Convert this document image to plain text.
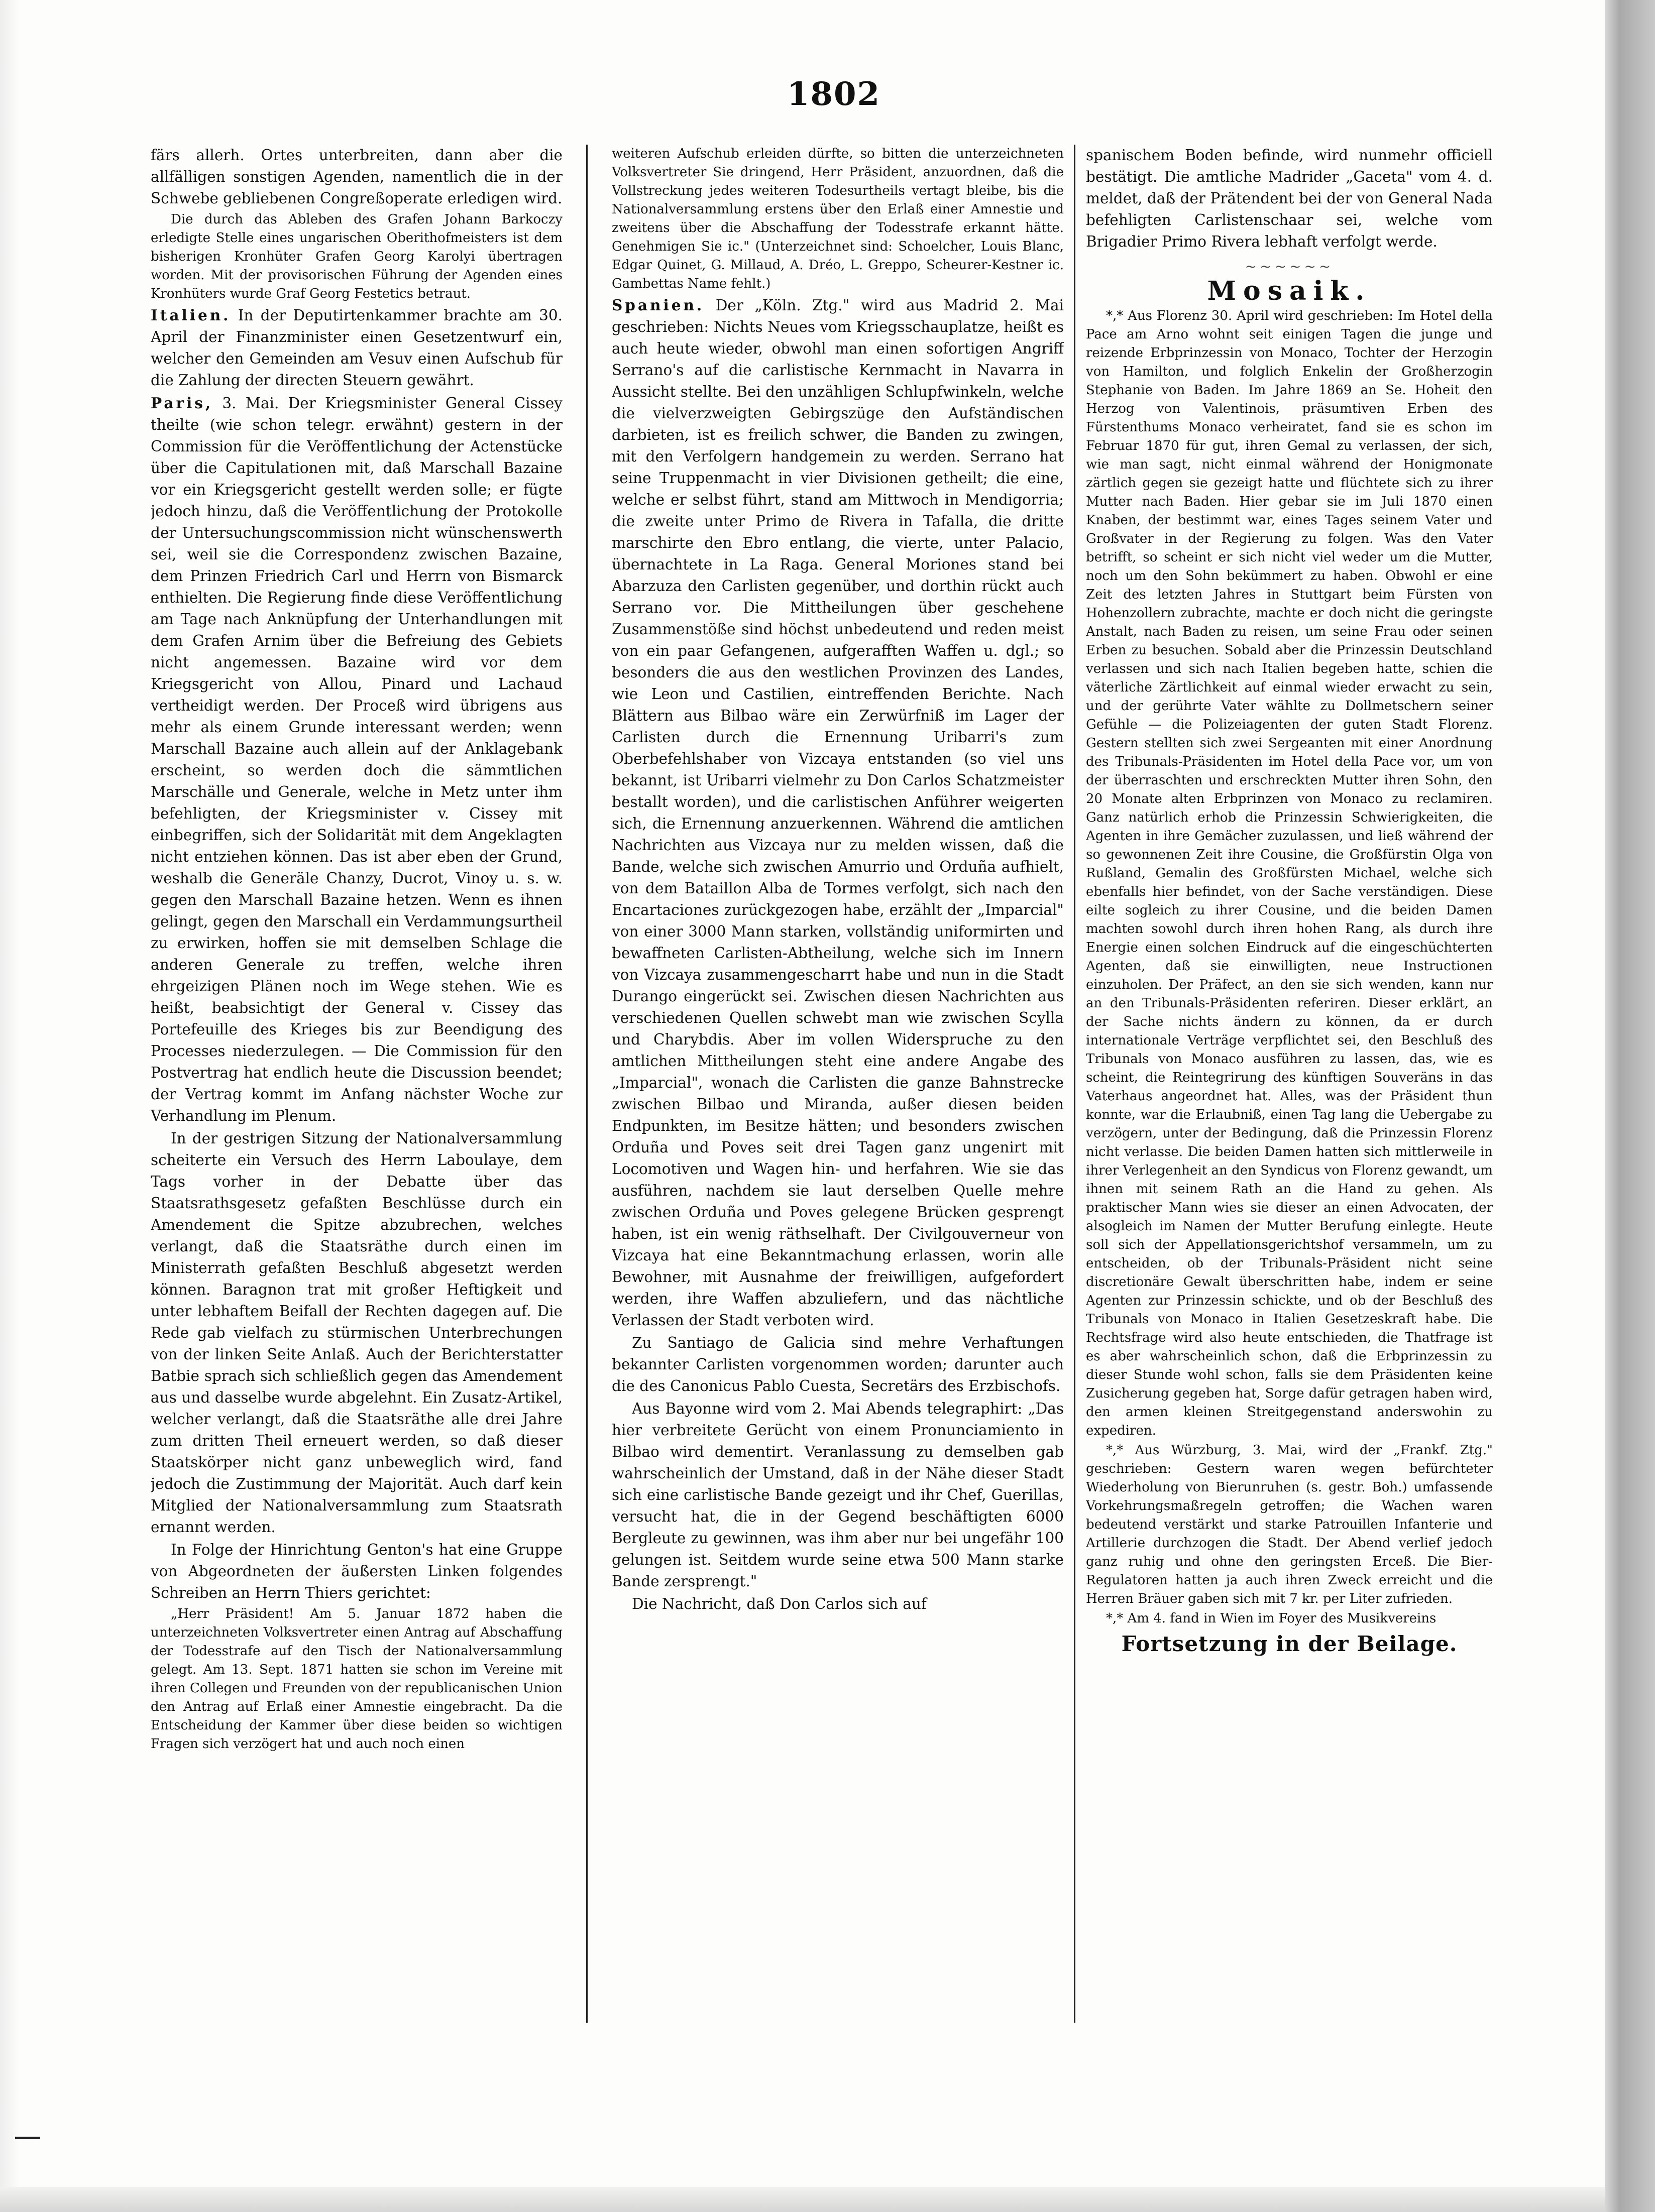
1802

färs allerh. Ortes unterbreiten, dann aber die allfälligen sonstigen Agenden, namentlich die in der Schwebe gebliebenen Congreßoperate erledigen wird.

Die durch das Ableben des Grafen Johann Barkoczy erledigte Stelle eines ungarischen Oberithofmeisters ist dem bisherigen Kronhüter Grafen Georg Karolyi übertragen worden. Mit der provisorischen Führung der Agenden eines Kronhüters wurde Graf Georg Festetics betraut.

Italien. In der Deputirtenkammer brachte am 30. April der Finanzminister einen Gesetzentwurf ein, welcher den Gemeinden am Vesuv einen Aufschub für die Zahlung der directen Steuern gewährt.

Paris, 3. Mai. Der Kriegsminister General Cissey theilte (wie schon telegr. erwähnt) gestern in der Commission für die Veröffentlichung der Actenstücke über die Capitulationen mit, daß Marschall Bazaine vor ein Kriegsgericht gestellt werden solle; er fügte jedoch hinzu, daß die Veröffentlichung der Protokolle der Untersuchungscommission nicht wünschenswerth sei, weil sie die Correspondenz zwischen Bazaine, dem Prinzen Friedrich Carl und Herrn von Bismarck enthielten. Die Regierung finde diese Veröffentlichung am Tage nach Anknüpfung der Unterhandlungen mit dem Grafen Arnim über die Befreiung des Gebiets nicht angemessen. Bazaine wird vor dem Kriegsgericht von Allou, Pinard und Lachaud vertheidigt werden. Der Proceß wird übrigens aus mehr als einem Grunde interessant werden; wenn Marschall Bazaine auch allein auf der Anklagebank erscheint, so werden doch die sämmtlichen Marschälle und Generale, welche in Metz unter ihm befehligten, der Kriegsminister v. Cissey mit einbegriffen, sich der Solidarität mit dem Angeklagten nicht entziehen können. Das ist aber eben der Grund, weshalb die Generäle Chanzy, Ducrot, Vinoy u. s. w. gegen den Marschall Bazaine hetzen. Wenn es ihnen gelingt, gegen den Marschall ein Verdammungsurtheil zu erwirken, hoffen sie mit demselben Schlage die anderen Generale zu treffen, welche ihren ehrgeizigen Plänen noch im Wege stehen. Wie es heißt, beabsichtigt der General v. Cissey das Portefeuille des Krieges bis zur Beendigung des Processes niederzulegen. — Die Commission für den Postvertrag hat endlich heute die Discussion beendet; der Vertrag kommt im Anfang nächster Woche zur Verhandlung im Plenum.

In der gestrigen Sitzung der Nationalversammlung scheiterte ein Versuch des Herrn Laboulaye, dem Tags vorher in der Debatte über das Staatsrathsgesetz gefaßten Beschlüsse durch ein Amendement die Spitze abzubrechen, welches verlangt, daß die Staatsräthe durch einen im Ministerrath gefaßten Beschluß abgesetzt werden können. Baragnon trat mit großer Heftigkeit und unter lebhaftem Beifall der Rechten dagegen auf. Die Rede gab vielfach zu stürmischen Unterbrechungen von der linken Seite Anlaß. Auch der Berichterstatter Batbie sprach sich schließlich gegen das Amendement aus und dasselbe wurde abgelehnt. Ein Zusatz-Artikel, welcher verlangt, daß die Staatsräthe alle drei Jahre zum dritten Theil erneuert werden, so daß dieser Staatskörper nicht ganz unbeweglich wird, fand jedoch die Zustimmung der Majorität. Auch darf kein Mitglied der Nationalversammlung zum Staatsrath ernannt werden.

In Folge der Hinrichtung Genton's hat eine Gruppe von Abgeordneten der äußersten Linken folgendes Schreiben an Herrn Thiers gerichtet:

„Herr Präsident! Am 5. Januar 1872 haben die unterzeichneten Volksvertreter einen Antrag auf Abschaffung der Todesstrafe auf den Tisch der Nationalversammlung gelegt. Am 13. Sept. 1871 hatten sie schon im Vereine mit ihren Collegen und Freunden von der republicanischen Union den Antrag auf Erlaß einer Amnestie eingebracht. Da die Entscheidung der Kammer über diese beiden so wichtigen Fragen sich verzögert hat und auch noch einen

weiteren Aufschub erleiden dürfte, so bitten die unterzeichneten Volksvertreter Sie dringend, Herr Präsident, anzuordnen, daß die Vollstreckung jedes weiteren Todesurtheils vertagt bleibe, bis die Nationalversammlung erstens über den Erlaß einer Amnestie und zweitens über die Abschaffung der Todesstrafe erkannt hätte. Genehmigen Sie ic." (Unterzeichnet sind: Schoelcher, Louis Blanc, Edgar Quinet, G. Millaud, A. Dréo, L. Greppo, Scheurer-Kestner ic. Gambettas Name fehlt.)

Spanien. Der „Köln. Ztg." wird aus Madrid 2. Mai geschrieben: Nichts Neues vom Kriegsschauplatze, heißt es auch heute wieder, obwohl man einen sofortigen Angriff Serrano's auf die carlistische Kernmacht in Navarra in Aussicht stellte. Bei den unzähligen Schlupfwinkeln, welche die vielverzweigten Gebirgszüge den Aufständischen darbieten, ist es freilich schwer, die Banden zu zwingen, mit den Verfolgern handgemein zu werden. Serrano hat seine Truppenmacht in vier Divisionen getheilt; die eine, welche er selbst führt, stand am Mittwoch in Mendigorria; die zweite unter Primo de Rivera in Tafalla, die dritte marschirte den Ebro entlang, die vierte, unter Palacio, übernachtete in La Raga. General Moriones stand bei Abarzuza den Carlisten gegenüber, und dorthin rückt auch Serrano vor. Die Mittheilungen über geschehene Zusammenstöße sind höchst unbedeutend und reden meist von ein paar Gefangenen, aufgerafften Waffen u. dgl.; so besonders die aus den westlichen Provinzen des Landes, wie Leon und Castilien, eintreffenden Berichte. Nach Blättern aus Bilbao wäre ein Zerwürfniß im Lager der Carlisten durch die Ernennung Uribarri's zum Oberbefehlshaber von Vizcaya entstanden (so viel uns bekannt, ist Uribarri vielmehr zu Don Carlos Schatzmeister bestallt worden), und die carlistischen Anführer weigerten sich, die Ernennung anzuerkennen. Während die amtlichen Nachrichten aus Vizcaya nur zu melden wissen, daß die Bande, welche sich zwischen Amurrio und Orduña aufhielt, von dem Bataillon Alba de Tormes verfolgt, sich nach den Encartaciones zurückgezogen habe, erzählt der „Imparcial" von einer 3000 Mann starken, vollständig uniformirten und bewaffneten Carlisten-Abtheilung, welche sich im Innern von Vizcaya zusammengescharrt habe und nun in die Stadt Durango eingerückt sei. Zwischen diesen Nachrichten aus verschiedenen Quellen schwebt man wie zwischen Scylla und Charybdis. Aber im vollen Widerspruche zu den amtlichen Mittheilungen steht eine andere Angabe des „Imparcial", wonach die Carlisten die ganze Bahnstrecke zwischen Bilbao und Miranda, außer diesen beiden Endpunkten, im Besitze hätten; und besonders zwischen Orduña und Poves seit drei Tagen ganz ungenirt mit Locomotiven und Wagen hin- und herfahren. Wie sie das ausführen, nachdem sie laut derselben Quelle mehre zwischen Orduña und Poves gelegene Brücken gesprengt haben, ist ein wenig räthselhaft. Der Civilgouverneur von Vizcaya hat eine Bekanntmachung erlassen, worin alle Bewohner, mit Ausnahme der freiwilligen, aufgefordert werden, ihre Waffen abzuliefern, und das nächtliche Verlassen der Stadt verboten wird.

Zu Santiago de Galicia sind mehre Verhaftungen bekannter Carlisten vorgenommen worden; darunter auch die des Canonicus Pablo Cuesta, Secretärs des Erzbischofs.

Aus Bayonne wird vom 2. Mai Abends telegraphirt: „Das hier verbreitete Gerücht von einem Pronunciamiento in Bilbao wird dementirt. Veranlassung zu demselben gab wahrscheinlich der Umstand, daß in der Nähe dieser Stadt sich eine carlistische Bande gezeigt und ihr Chef, Guerillas, versucht hat, die in der Gegend beschäftigten 6000 Bergleute zu gewinnen, was ihm aber nur bei ungefähr 100 gelungen ist. Seitdem wurde seine etwa 500 Mann starke Bande zersprengt."

Die Nachricht, daß Don Carlos sich auf

spanischem Boden befinde, wird nunmehr officiell bestätigt. Die amtliche Madrider „Gaceta" vom 4. d. meldet, daß der Prätendent bei der von General Nada befehligten Carlistenschaar sei, welche vom Brigadier Primo Rivera lebhaft verfolgt werde.

~~~~~~
Mosaik.

*,* Aus Florenz 30. April wird geschrieben: Im Hotel della Pace am Arno wohnt seit einigen Tagen die junge und reizende Erbprinzessin von Monaco, Tochter der Herzogin von Hamilton, und folglich Enkelin der Großherzogin Stephanie von Baden. Im Jahre 1869 an Se. Hoheit den Herzog von Valentinois, präsumtiven Erben des Fürstenthums Monaco verheiratet, fand sie es schon im Februar 1870 für gut, ihren Gemal zu verlassen, der sich, wie man sagt, nicht einmal während der Honigmonate zärtlich gegen sie gezeigt hatte und flüchtete sich zu ihrer Mutter nach Baden. Hier gebar sie im Juli 1870 einen Knaben, der bestimmt war, eines Tages seinem Vater und Großvater in der Regierung zu folgen. Was den Vater betrifft, so scheint er sich nicht viel weder um die Mutter, noch um den Sohn bekümmert zu haben. Obwohl er eine Zeit des letzten Jahres in Stuttgart beim Fürsten von Hohenzollern zubrachte, machte er doch nicht die geringste Anstalt, nach Baden zu reisen, um seine Frau oder seinen Erben zu besuchen. Sobald aber die Prinzessin Deutschland verlassen und sich nach Italien begeben hatte, schien die väterliche Zärtlichkeit auf einmal wieder erwacht zu sein, und der gerührte Vater wählte zu Dollmetschern seiner Gefühle — die Polizeiagenten der guten Stadt Florenz. Gestern stellten sich zwei Sergeanten mit einer Anordnung des Tribunals-Präsidenten im Hotel della Pace vor, um von der überraschten und erschreckten Mutter ihren Sohn, den 20 Monate alten Erbprinzen von Monaco zu reclamiren. Ganz natürlich erhob die Prinzessin Schwierigkeiten, die Agenten in ihre Gemächer zuzulassen, und ließ während der so gewonnenen Zeit ihre Cousine, die Großfürstin Olga von Rußland, Gemalin des Großfürsten Michael, welche sich ebenfalls hier befindet, von der Sache verständigen. Diese eilte sogleich zu ihrer Cousine, und die beiden Damen machten sowohl durch ihren hohen Rang, als durch ihre Energie einen solchen Eindruck auf die eingeschüchterten Agenten, daß sie einwilligten, neue Instructionen einzuholen. Der Präfect, an den sie sich wenden, kann nur an den Tribunals-Präsidenten referiren. Dieser erklärt, an der Sache nichts ändern zu können, da er durch internationale Verträge verpflichtet sei, den Beschluß des Tribunals von Monaco ausführen zu lassen, das, wie es scheint, die Reintegrirung des künftigen Souveräns in das Vaterhaus angeordnet hat. Alles, was der Präsident thun konnte, war die Erlaubniß, einen Tag lang die Uebergabe zu verzögern, unter der Bedingung, daß die Prinzessin Florenz nicht verlasse. Die beiden Damen hatten sich mittlerweile in ihrer Verlegenheit an den Syndicus von Florenz gewandt, um ihnen mit seinem Rath an die Hand zu gehen. Als praktischer Mann wies sie dieser an einen Advocaten, der alsogleich im Namen der Mutter Berufung einlegte. Heute soll sich der Appellationsgerichtshof versammeln, um zu entscheiden, ob der Tribunals-Präsident nicht seine discretionäre Gewalt überschritten habe, indem er seine Agenten zur Prinzessin schickte, und ob der Beschluß des Tribunals von Monaco in Italien Gesetzeskraft habe. Die Rechtsfrage wird also heute entschieden, die Thatfrage ist es aber wahrscheinlich schon, daß die Erbprinzessin zu dieser Stunde wohl schon, falls sie dem Präsidenten keine Zusicherung gegeben hat, Sorge dafür getragen haben wird, den armen kleinen Streitgegenstand anderswohin zu expediren.

*,* Aus Würzburg, 3. Mai, wird der „Frankf. Ztg." geschrieben: Gestern waren wegen befürchteter Wiederholung von Bierunruhen (s. gestr. Boh.) umfassende Vorkehrungsmaßregeln getroffen; die Wachen waren bedeutend verstärkt und starke Patrouillen Infanterie und Artillerie durchzogen die Stadt. Der Abend verlief jedoch ganz ruhig und ohne den geringsten Erceß. Die Bier-Regulatoren hatten ja auch ihren Zweck erreicht und die Herren Bräuer gaben sich mit 7 kr. per Liter zufrieden.

*,* Am 4. fand in Wien im Foyer des Musikvereins

Fortsetzung in der Beilage.
